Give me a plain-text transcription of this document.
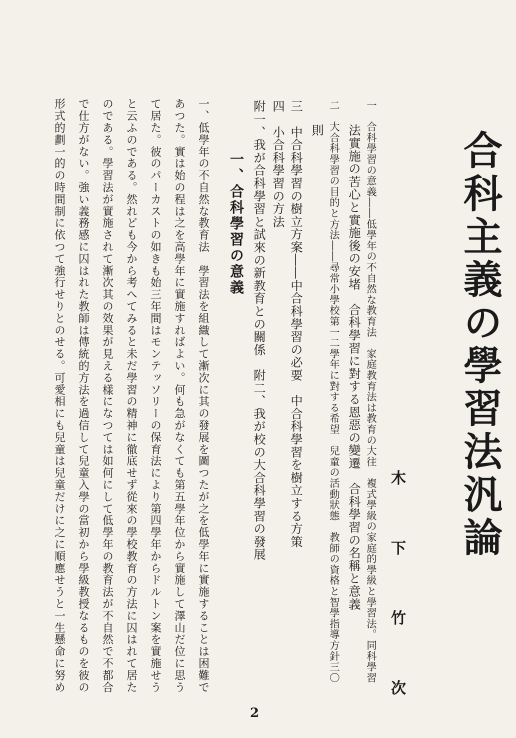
合科主義の學習法汎論
木　下　竹　次
一　合科學習の意義――低學年の不自然な教育法　家庭教育法は教育の大往　複式學級の家庭的學級と學習法。同科學習
法實施の苦心と實施後の安堵　合科學習に對する恩惡の變遷　合科學習の名稱と意義
二　大合科學習の目的と方法――尋常小學校第一二學年に對する希望　兒童の活動狀態　教師の資格と智學指導方針三〇
則
三　中合科學習の樹立方案――中合科學習の必要　中合科學習を樹立する方策
四　小合科學習の方法
附一、我が合科學習と試來の新教育との關係　附二、我が校の大合科學習の發展
一、合科學習の意義
一、低學年の不自然な教育法　學習法を組織して漸次に其の發展を圖つたが之を低學年に實施することは困難で
あつた。實は始の程は之を高學年に實施すればよい。何も急がなくても第五學年位から實施して澤山だ位に思う
て居た。彼のパーカストの如きも始三年間はモンテッソリーの保育法により第四學年からドルトン案を實施せう
と云ふのである。然れども今から考へてみると未だ學習の精神に徹底せず從來の學校教育の方法に囚はれて居た
のである。學習法が實施されて漸次其の效果が見える樣になつては如何にして低學年の教育法が不自然で不都合
で仕方がない。強い義務感に囚はれた教師は傳統的方法を過信して兒童入學の當初から學級教授なるものを彼の
形式的劃一的の時間制に依つて強行せりとのせる。可愛相にも兒童は兒童だけに之に順應せうと一生懸命に努め
2
